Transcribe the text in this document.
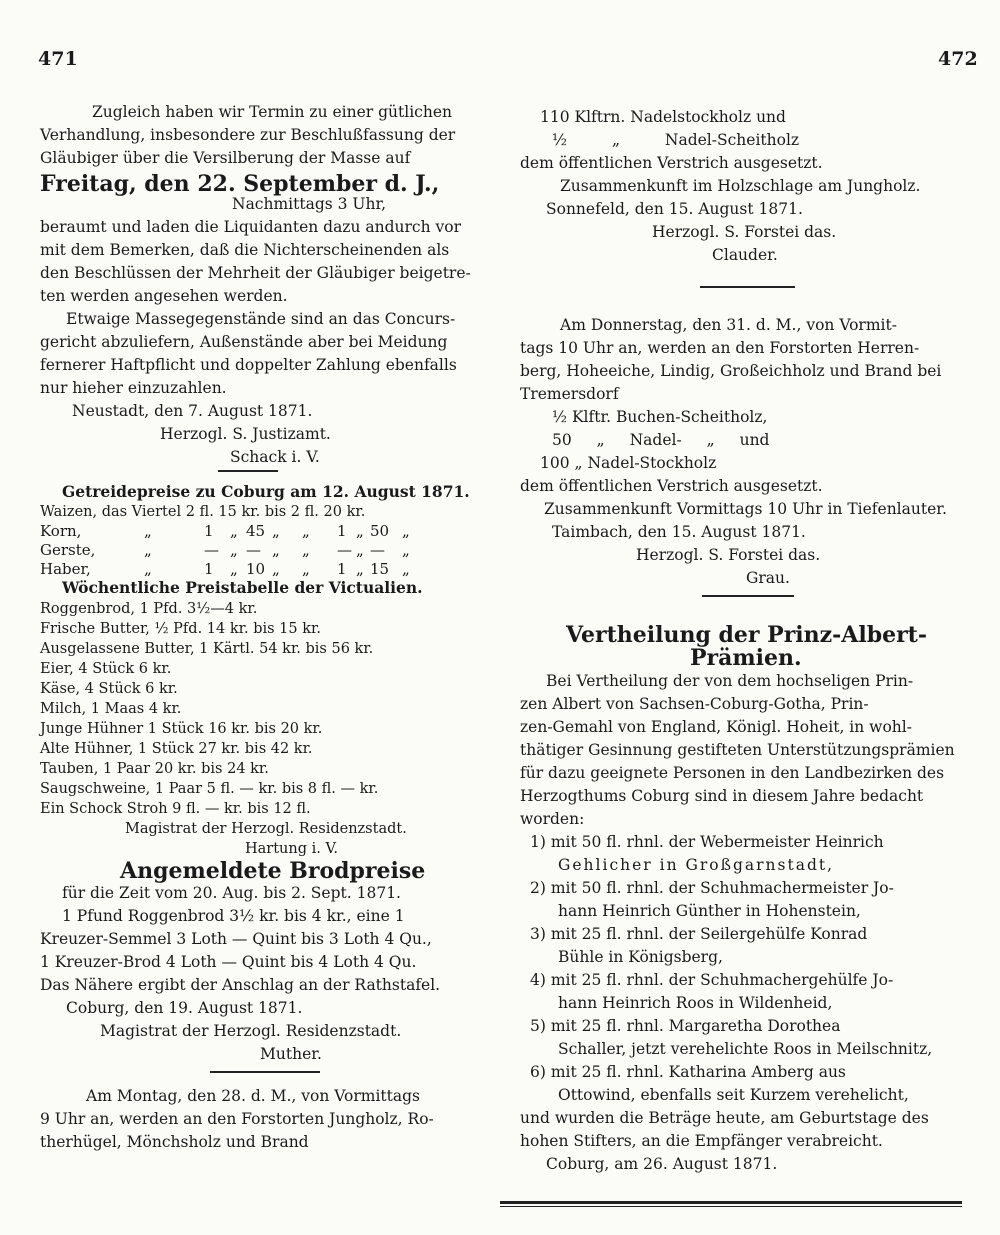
471	472
Zugleich haben wir Termin zu einer gütlichen
Verhandlung, insbesondere zur Beschlußfassung der
Gläubiger über die Versilberung der Masse auf
Freitag, den 22. September d. J.,
Nachmittags 3 Uhr,
beraumt und laden die Liquidanten dazu andurch vor
mit dem Bemerken, daß die Nichterscheinenden als
den Beschlüssen der Mehrheit der Gläubiger beigetre-
ten werden angesehen werden.
Etwaige Massegegenstände sind an das Concurs-
gericht abzuliefern, Außenstände aber bei Meidung
fernerer Haftpflicht und doppelter Zahlung ebenfalls
nur hieher einzuzahlen.
Neustadt, den 7. August 1871.
Herzogl. S. Justizamt.
Schack i. V.
Getreidepreise zu Coburg am 12. August 1871.
Waizen, das Viertel 2 fl. 15 kr. bis 2 fl. 20 kr.
Korn,	„	1 „ 45 „ „ 1 „ 50 „
Gerste,	„	— „ — „ „ — „ — „
Haber,	„	1 „ 10 „ „ 1 „ 15 „
Wöchentliche Preistabelle der Victualien.
Roggenbrod, 1 Pfd. 3½—4 kr.
Frische Butter, ½ Pfd. 14 kr. bis 15 kr.
Ausgelassene Butter, 1 Kärtl. 54 kr. bis 56 kr.
Eier, 4 Stück 6 kr.
Käse, 4 Stück 6 kr.
Milch, 1 Maas 4 kr.
Junge Hühner 1 Stück 16 kr. bis 20 kr.
Alte Hühner, 1 Stück 27 kr. bis 42 kr.
Tauben, 1 Paar 20 kr. bis 24 kr.
Saugschweine, 1 Paar 5 fl. — kr. bis 8 fl. — kr.
Ein Schock Stroh 9 fl. — kr. bis 12 fl.
Magistrat der Herzogl. Residenzstadt.
Hartung i. V.
Angemeldete Brodpreise
für die Zeit vom 20. Aug. bis 2. Sept. 1871.
1 Pfund Roggenbrod 3½ kr. bis 4 kr., eine 1
Kreuzer-Semmel 3 Loth — Quint bis 3 Loth 4 Qu.,
1 Kreuzer-Brod 4 Loth — Quint bis 4 Loth 4 Qu.
Das Nähere ergibt der Anschlag an der Rathstafel.
Coburg, den 19. August 1871.
Magistrat der Herzogl. Residenzstadt.
Muther.
Am Montag, den 28. d. M., von Vormittags
9 Uhr an, werden an den Forstorten Jungholz, Ro-
therhügel, Mönchsholz und Brand
110 Klftrn. Nadelstockholz und
½ „ Nadel-Scheitholz
dem öffentlichen Verstrich ausgesetzt.
Zusammenkunft im Holzschlage am Jungholz.
Sonnefeld, den 15. August 1871.
Herzogl. S. Forstei das.
Clauder.
Am Donnerstag, den 31. d. M., von Vormit-
tags 10 Uhr an, werden an den Forstorten Herren-
berg, Hoheeiche, Lindig, Großeichholz und Brand bei
Tremersdorf
½ Klftr. Buchen-Scheitholz,
50 „ Nadel- „ und
100 „ Nadel-Stockholz
dem öffentlichen Verstrich ausgesetzt.
Zusammenkunft Vormittags 10 Uhr in Tiefenlauter.
Taimbach, den 15. August 1871.
Herzogl. S. Forstei das.
Grau.
Vertheilung der Prinz-Albert-
Prämien.
Bei Vertheilung der von dem hochseligen Prin-
zen Albert von Sachsen-Coburg-Gotha, Prin-
zen-Gemahl von England, Königl. Hoheit, in wohl-
thätiger Gesinnung gestifteten Unterstützungsprämien
für dazu geeignete Personen in den Landbezirken des
Herzogthums Coburg sind in diesem Jahre bedacht
worden:
1) mit 50 fl. rhnl. der Webermeister Heinrich
Gehlicher in Großgarnstadt,
2) mit 50 fl. rhnl. der Schuhmachermeister Jo-
hann Heinrich Günther in Hohenstein,
3) mit 25 fl. rhnl. der Seilergehülfe Konrad
Bühle in Königsberg,
4) mit 25 fl. rhnl. der Schuhmachergehülfe Jo-
hann Heinrich Roos in Wildenheid,
5) mit 25 fl. rhnl. Margaretha Dorothea
Schaller, jetzt verehelichte Roos in Meilschnitz,
6) mit 25 fl. rhnl. Katharina Amberg aus
Ottowind, ebenfalls seit Kurzem verehelicht,
und wurden die Beträge heute, am Geburtstage des
hohen Stifters, an die Empfänger verabreicht.
Coburg, am 26. August 1871.
